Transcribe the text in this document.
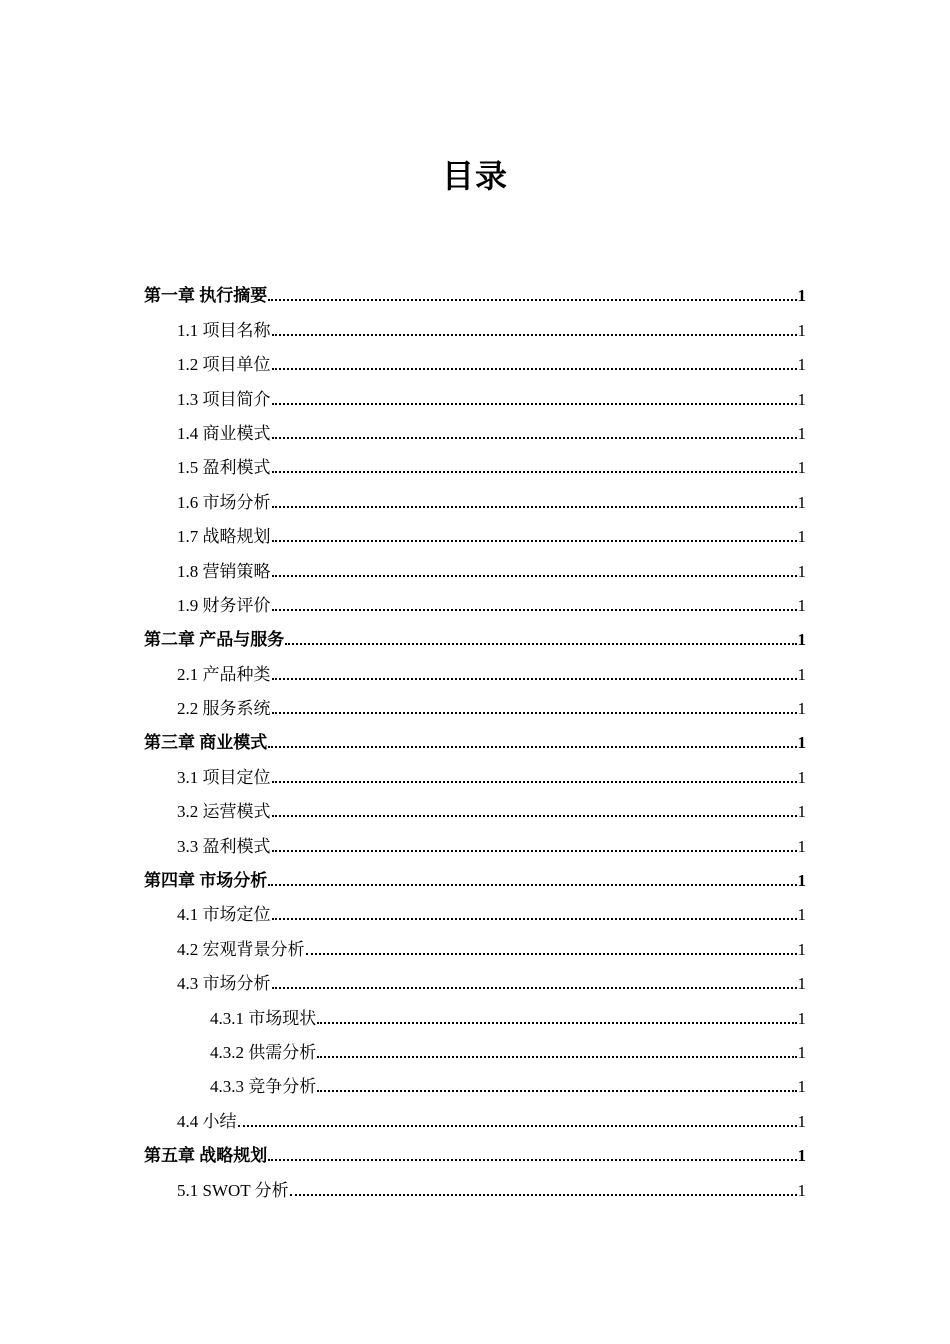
目录
第一章 执行摘要	1
1.1 项目名称	1
1.2 项目单位	1
1.3 项目简介	1
1.4 商业模式	1
1.5 盈利模式	1
1.6 市场分析	1
1.7 战略规划	1
1.8 营销策略	1
1.9 财务评价	1
第二章 产品与服务	1
2.1 产品种类	1
2.2 服务系统	1
第三章 商业模式	1
3.1 项目定位	1
3.2 运营模式	1
3.3 盈利模式	1
第四章 市场分析	1
4.1 市场定位	1
4.2 宏观背景分析	1
4.3 市场分析	1
4.3.1 市场现状	1
4.3.2 供需分析	1
4.3.3 竞争分析	1
4.4 小结	1
第五章 战略规划	1
5.1 SWOT 分析	1
